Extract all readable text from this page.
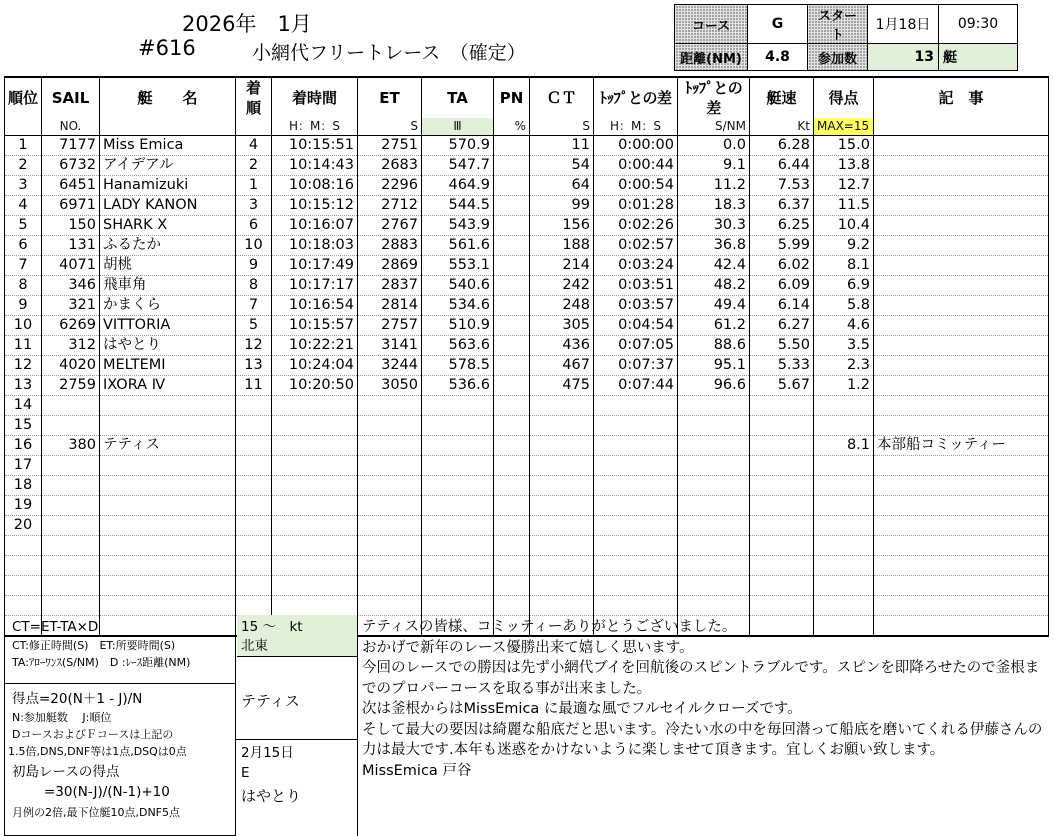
2026年　1月
#616	小網代フリートレース　（確定）
コース	G	スタート	1月18日	09:30
距離(NM)	4.8	参加数	13	艇
順位	SAIL	艇　　名	着順	着時間	ET	TA	PN	ＣＴ	ﾄｯﾌﾟとの差	ﾄｯﾌﾟとの差	艇速	得点	記　事
	NO.			H：M：S	S	Ⅲ	%	S	H：M：S	S/NM	Kt	MAX=15	
1	7177	Miss Emica	4	10:15:51	2751	570.9		11	0:00:00	0.0	6.28	15.0	
2	6732	アイデアル	2	10:14:43	2683	547.7		54	0:00:44	9.1	6.44	13.8	
3	6451	Hanamizuki	1	10:08:16	2296	464.9		64	0:00:54	11.2	7.53	12.7	
4	6971	LADY KANON	3	10:15:12	2712	544.5		99	0:01:28	18.3	6.37	11.5	
5	150	SHARK X	6	10:16:07	2767	543.9		156	0:02:26	30.3	6.25	10.4	
6	131	ふるたか	10	10:18:03	2883	561.6		188	0:02:57	36.8	5.99	9.2	
7	4071	胡桃	9	10:17:49	2869	553.1		214	0:03:24	42.4	6.02	8.1	
8	346	飛車角	8	10:17:17	2837	540.6		242	0:03:51	48.2	6.09	6.9	
9	321	かまくら	7	10:16:54	2814	534.6		248	0:03:57	49.4	6.14	5.8	
10	6269	VITTORIA	5	10:15:57	2757	510.9		305	0:04:54	61.2	6.27	4.6	
11	312	はやとり	12	10:22:21	3141	563.6		436	0:07:05	88.6	5.50	3.5	
12	4020	MELTEMI	13	10:24:04	3244	578.5		467	0:07:37	95.1	5.33	2.3	
13	2759	IXORA Ⅳ	11	10:20:50	3050	536.6		475	0:07:44	96.6	5.67	1.2	
14													
15													
16	380	テティス										8.1	本部船コミッティー
17													
18													
19													
20													

CT=ET-TA×D
CT:修正時間(S)　ET:所要時間(S)
TA:ｱﾛｰﾜﾝｽ(S/NM)　D :ﾚｰｽ距離(NM)
得点=20(N＋1 - J)/N
N:参加艇数　 J:順位
DコースおよびＦコースは上記の
1.5倍,DNS,DNF等は1点,DSQは0点
初島レースの得点
=30(N-J)/(N-1)+10
月例の2倍,最下位艇10点,DNF5点
15 ～　kt
北東
テティス
2月15日
E
はやとり

テティスの皆様、コミッティーありがとうございました。

おかげで新年のレース優勝出来て嬉しく思います。

今回のレースでの勝因は先ず小網代ブイを回航後のスピントラブルです。スピンを即降ろせたので釜根までのプロパーコースを取る事が出来ました。

次は釜根からはMissEmica に最適な風でフルセイルクローズです。

そして最大の要因は綺麗な船底だと思います。冷たい水の中を毎回潜って船底を磨いてくれる伊藤さんの力は最大です.本年も迷惑をかけないように楽しませて頂きます。宜しくお願い致します。　　　MissEmica 戸谷
